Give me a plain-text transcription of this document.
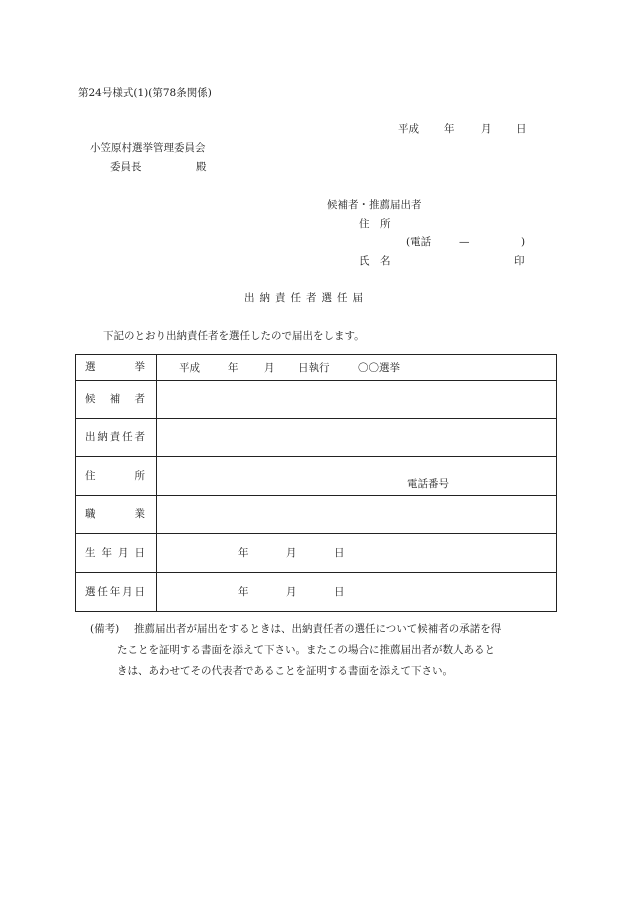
第24号様式(1)(第78条関係)
平成 年	月 日
小笠原村選挙管理委員会
委員長	殿
候補者・推薦届出者
住　所
(電話	—	)
氏　名	印
出納責任者選任届
下記のとおり出納責任者を選任したので届出をします。
選挙	平成 年 月 日執行 〇〇選挙

候補者	

出納責任者	

住所	電話番号

職業	

生年月日	年 月 日

選任年月日	年 月 日
(備考) 推薦届出者が届出をするときは、出納責任者の選任について候補者の承諾を得
たことを証明する書面を添えて下さい。またこの場合に推薦届出者が数人あると
きは、あわせてその代表者であることを証明する書面を添えて下さい。
